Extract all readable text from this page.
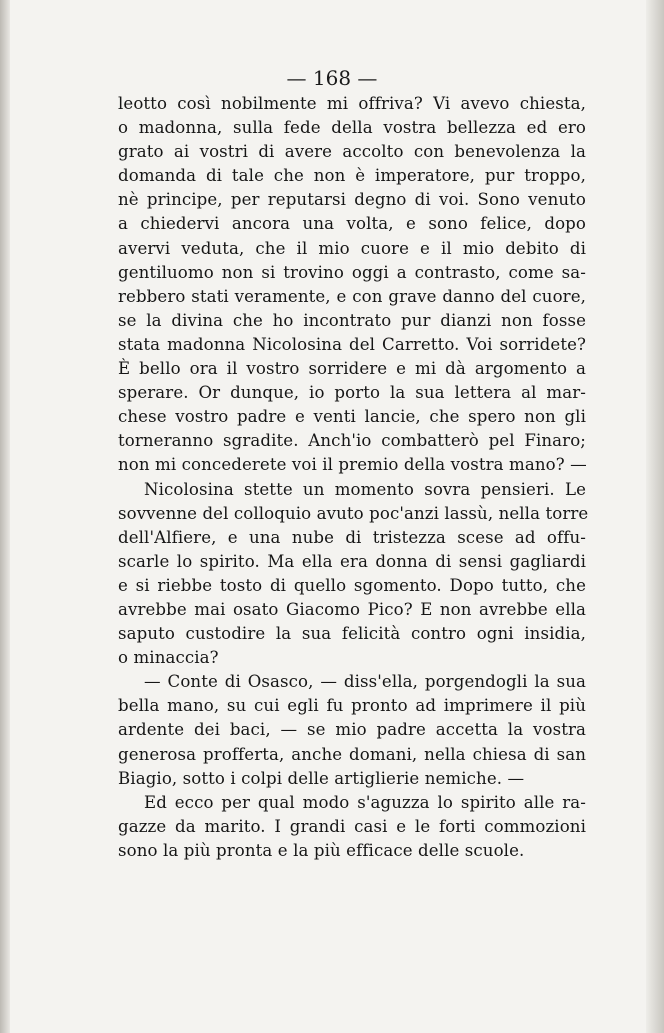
— 168 —

leotto così nobilmente mi offriva? Vi avevo chiesta,
o madonna, sulla fede della vostra bellezza ed ero
grato ai vostri di avere accolto con benevolenza la
domanda di tale che non è imperatore, pur troppo,
nè principe, per reputarsi degno di voi. Sono venuto
a chiedervi ancora una volta, e sono felice, dopo
avervi veduta, che il mio cuore e il mio debito di
gentiluomo non si trovino oggi a contrasto, come sa-
rebbero stati veramente, e con grave danno del cuore,
se la divina che ho incontrato pur dianzi non fosse
stata madonna Nicolosina del Carretto. Voi sorridete?
È bello ora il vostro sorridere e mi dà argomento a
sperare. Or dunque, io porto la sua lettera al mar-
chese vostro padre e venti lancie, che spero non gli
torneranno sgradite. Anch'io combatterò pel Finaro;
non mi concederete voi il premio della vostra mano? —
Nicolosina stette un momento sovra pensieri. Le
sovvenne del colloquio avuto poc'anzi lassù, nella torre
dell'Alfiere, e una nube di tristezza scese ad offu-
scarle lo spirito. Ma ella era donna di sensi gagliardi
e si riebbe tosto di quello sgomento. Dopo tutto, che
avrebbe mai osato Giacomo Pico? E non avrebbe ella
saputo custodire la sua felicità contro ogni insidia,
o minaccia?
— Conte di Osasco, — diss'ella, porgendogli la sua
bella mano, su cui egli fu pronto ad imprimere il più
ardente dei baci, — se mio padre accetta la vostra
generosa profferta, anche domani, nella chiesa di san
Biagio, sotto i colpi delle artiglierie nemiche. —
Ed ecco per qual modo s'aguzza lo spirito alle ra-
gazze da marito. I grandi casi e le forti commozioni
sono la più pronta e la più efficace delle scuole.
